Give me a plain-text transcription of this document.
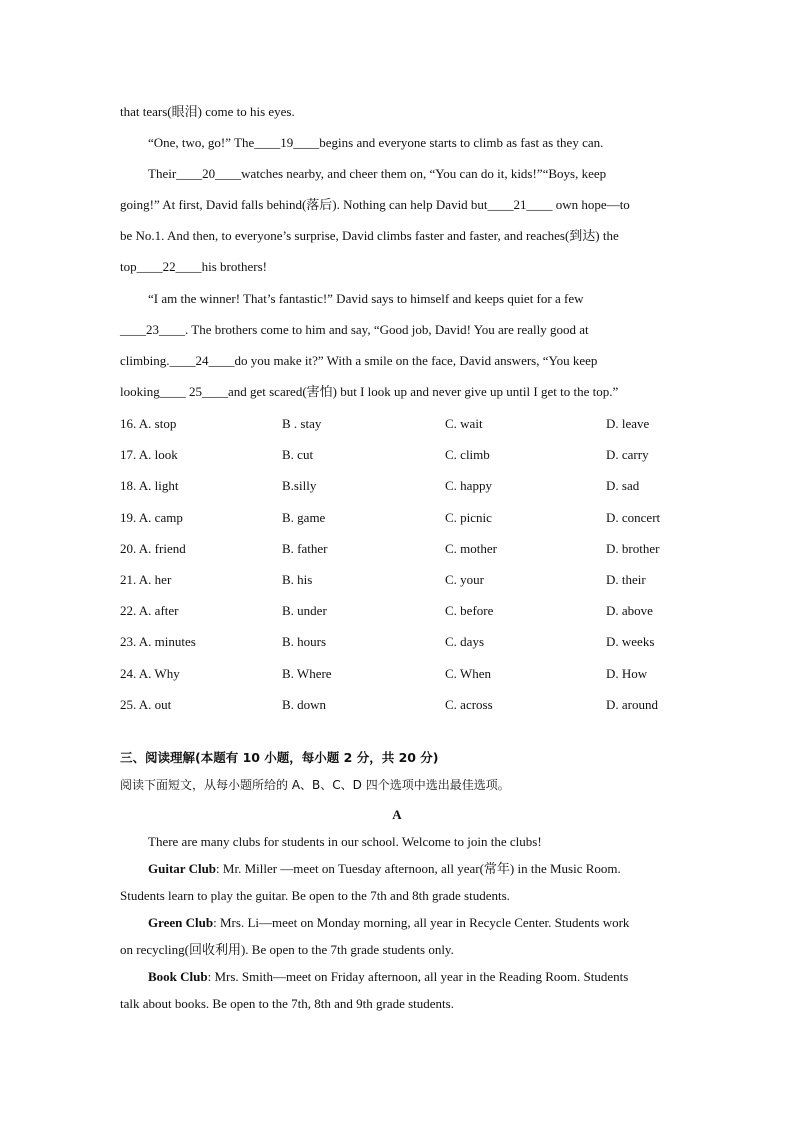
that tears(眼泪) come to his eyes.
“One, two, go!” The____19____begins and everyone starts to climb as fast as they can.
Their____20____watches nearby, and cheer them on, “You can do it, kids!”“Boys, keep
going!” At first, David falls behind(落后). Nothing can help David but____21____ own hope—to
be No.1. And then, to everyone’s surprise, David climbs faster and faster, and reaches(到达) the
top____22____his brothers!
“I am the winner! That’s fantastic!” David says to himself and keeps quiet for a few
____23____. The brothers come to him and say, “Good job, David! You are really good at
climbing.____24____do you make it?” With a smile on the face, David answers, “You keep
looking____ 25____and get scared(害怕) but I look up and never give up until I get to the top.”
16. A. stop	B . stay	C. wait	D. leave
17. A. look	B. cut	C. climb	D. carry
18. A. light	B.silly	C. happy	D. sad
19. A. camp	B. game	C. picnic	D. concert
20. A. friend	B. father	C. mother	D. brother
21. A. her	B. his	C. your	D. their
22. A. after	B. under	C. before	D. above
23. A. minutes	B. hours	C. days	D. weeks
24. A. Why	B. Where	C. When	D. How
25. A. out	B. down	C. across	D. around
三、阅读理解(本题有 10 小题，每小题 2 分，共 20 分)
阅读下面短文，从每小题所给的 A、B、C、D 四个选项中选出最佳选项。
A
There are many clubs for students in our school. Welcome to join the clubs!
Guitar Club: Mr. Miller —meet on Tuesday afternoon, all year(常年) in the Music Room.
Students learn to play the guitar. Be open to the 7th and 8th grade students.
Green Club: Mrs. Li—meet on Monday morning, all year in Recycle Center. Students work
on recycling(回收利用). Be open to the 7th grade students only.
Book Club: Mrs. Smith—meet on Friday afternoon, all year in the Reading Room. Students
talk about books. Be open to the 7th, 8th and 9th grade students.
